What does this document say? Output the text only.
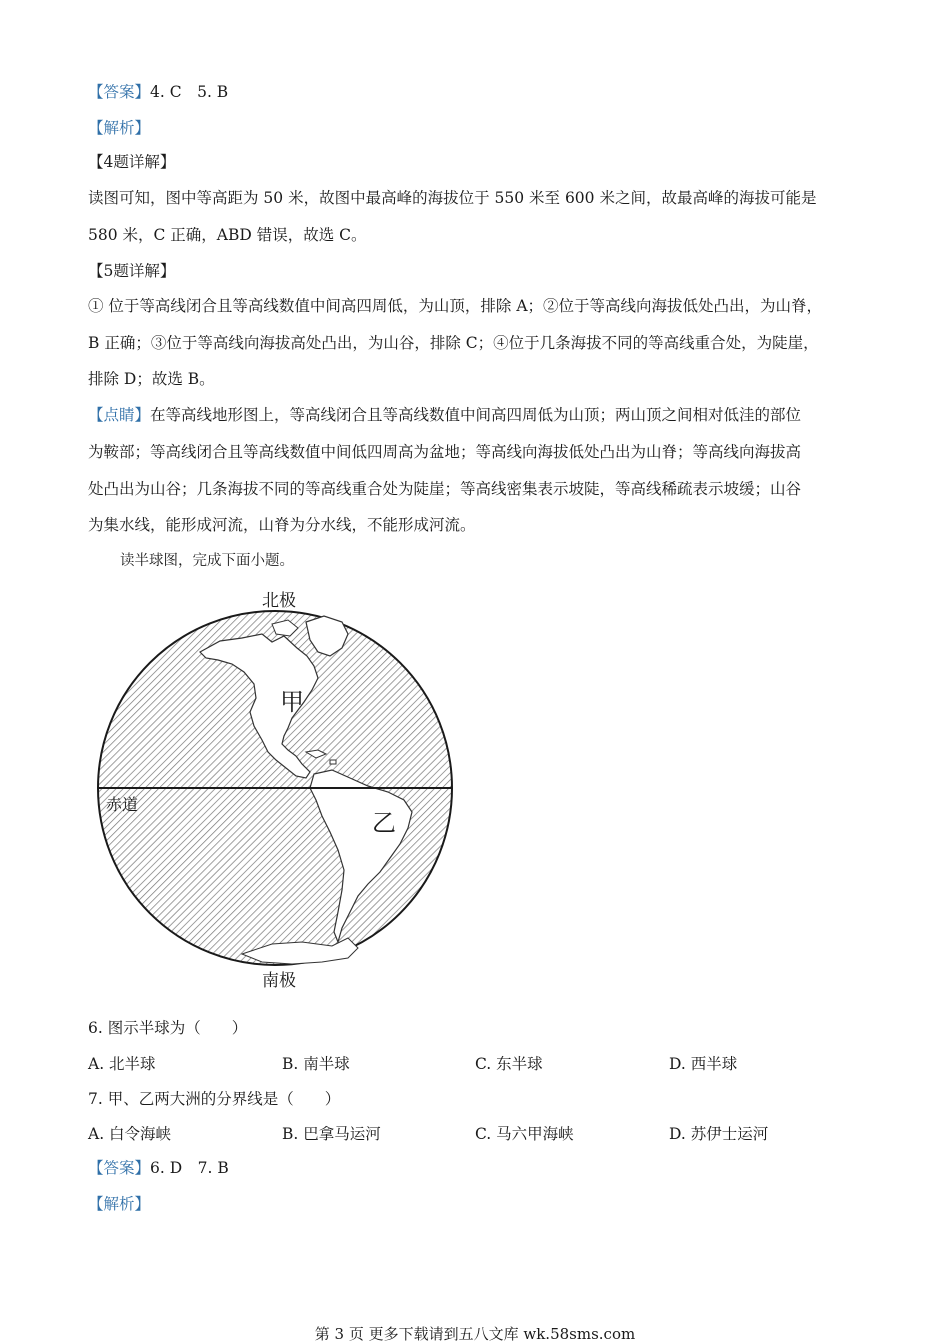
【答案】4. C　5. B
【解析】
【4题详解】
读图可知，图中等高距为 50 米，故图中最高峰的海拔位于 550 米至 600 米之间，故最高峰的海拔可能是
580 米，C 正确，ABD 错误，故选 C。
【5题详解】
① 位于等高线闭合且等高线数值中间高四周低，为山顶，排除 A；②位于等高线向海拔低处凸出，为山脊，
B 正确；③位于等高线向海拔高处凸出，为山谷，排除 C；④位于几条海拔不同的等高线重合处，为陡崖，
排除 D；故选 B。
【点睛】在等高线地形图上，等高线闭合且等高线数值中间高四周低为山顶；两山顶之间相对低洼的部位
为鞍部；等高线闭合且等高线数值中间低四周高为盆地；等高线向海拔低处凸出为山脊；等高线向海拔高
处凸出为山谷；几条海拔不同的等高线重合处为陡崖；等高线密集表示坡陡，等高线稀疏表示坡缓；山谷
为集水线，能形成河流，山脊为分水线，不能形成河流。
读半球图，完成下面小题。
北极
南极
赤道
甲
乙
6. 图示半球为（　　）
A. 北半球	B. 南半球	C. 东半球	D. 西半球
7. 甲、乙两大洲的分界线是（　　）
A. 白令海峡	B. 巴拿马运河	C. 马六甲海峡	D. 苏伊士运河
【答案】6. D　7. B
【解析】
第 3 页 更多下载请到五八文库 wk.58sms.com
